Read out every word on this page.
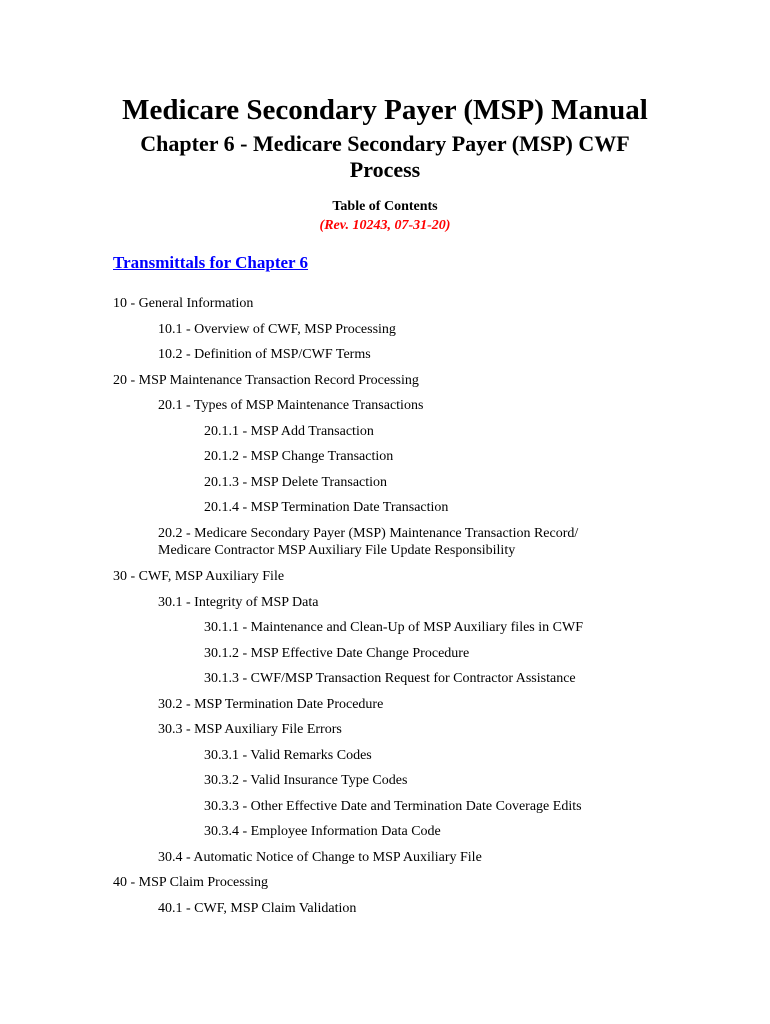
Medicare Secondary Payer (MSP) Manual
Chapter 6 - Medicare Secondary Payer (MSP) CWF
Process
Table of Contents
(Rev. 10243, 07-31-20)
Transmittals for Chapter 6
10 - General Information
10.1 - Overview of CWF, MSP Processing
10.2 - Definition of MSP/CWF Terms
20 - MSP Maintenance Transaction Record Processing
20.1 - Types of MSP Maintenance Transactions
20.1.1 - MSP Add Transaction
20.1.2 - MSP Change Transaction
20.1.3 - MSP Delete Transaction
20.1.4 - MSP Termination Date Transaction
20.2 - Medicare Secondary Payer (MSP) Maintenance Transaction Record/
Medicare Contractor MSP Auxiliary File Update Responsibility
30 - CWF, MSP Auxiliary File
30.1 - Integrity of MSP Data
30.1.1 - Maintenance and Clean-Up of MSP Auxiliary files in CWF
30.1.2 - MSP Effective Date Change Procedure
30.1.3 - CWF/MSP Transaction Request for Contractor Assistance
30.2 - MSP Termination Date Procedure
30.3 - MSP Auxiliary File Errors
30.3.1 - Valid Remarks Codes
30.3.2 - Valid Insurance Type Codes
30.3.3 - Other Effective Date and Termination Date Coverage Edits
30.3.4 - Employee Information Data Code
30.4 - Automatic Notice of Change to MSP Auxiliary File
40 - MSP Claim Processing
40.1 - CWF, MSP Claim Validation
